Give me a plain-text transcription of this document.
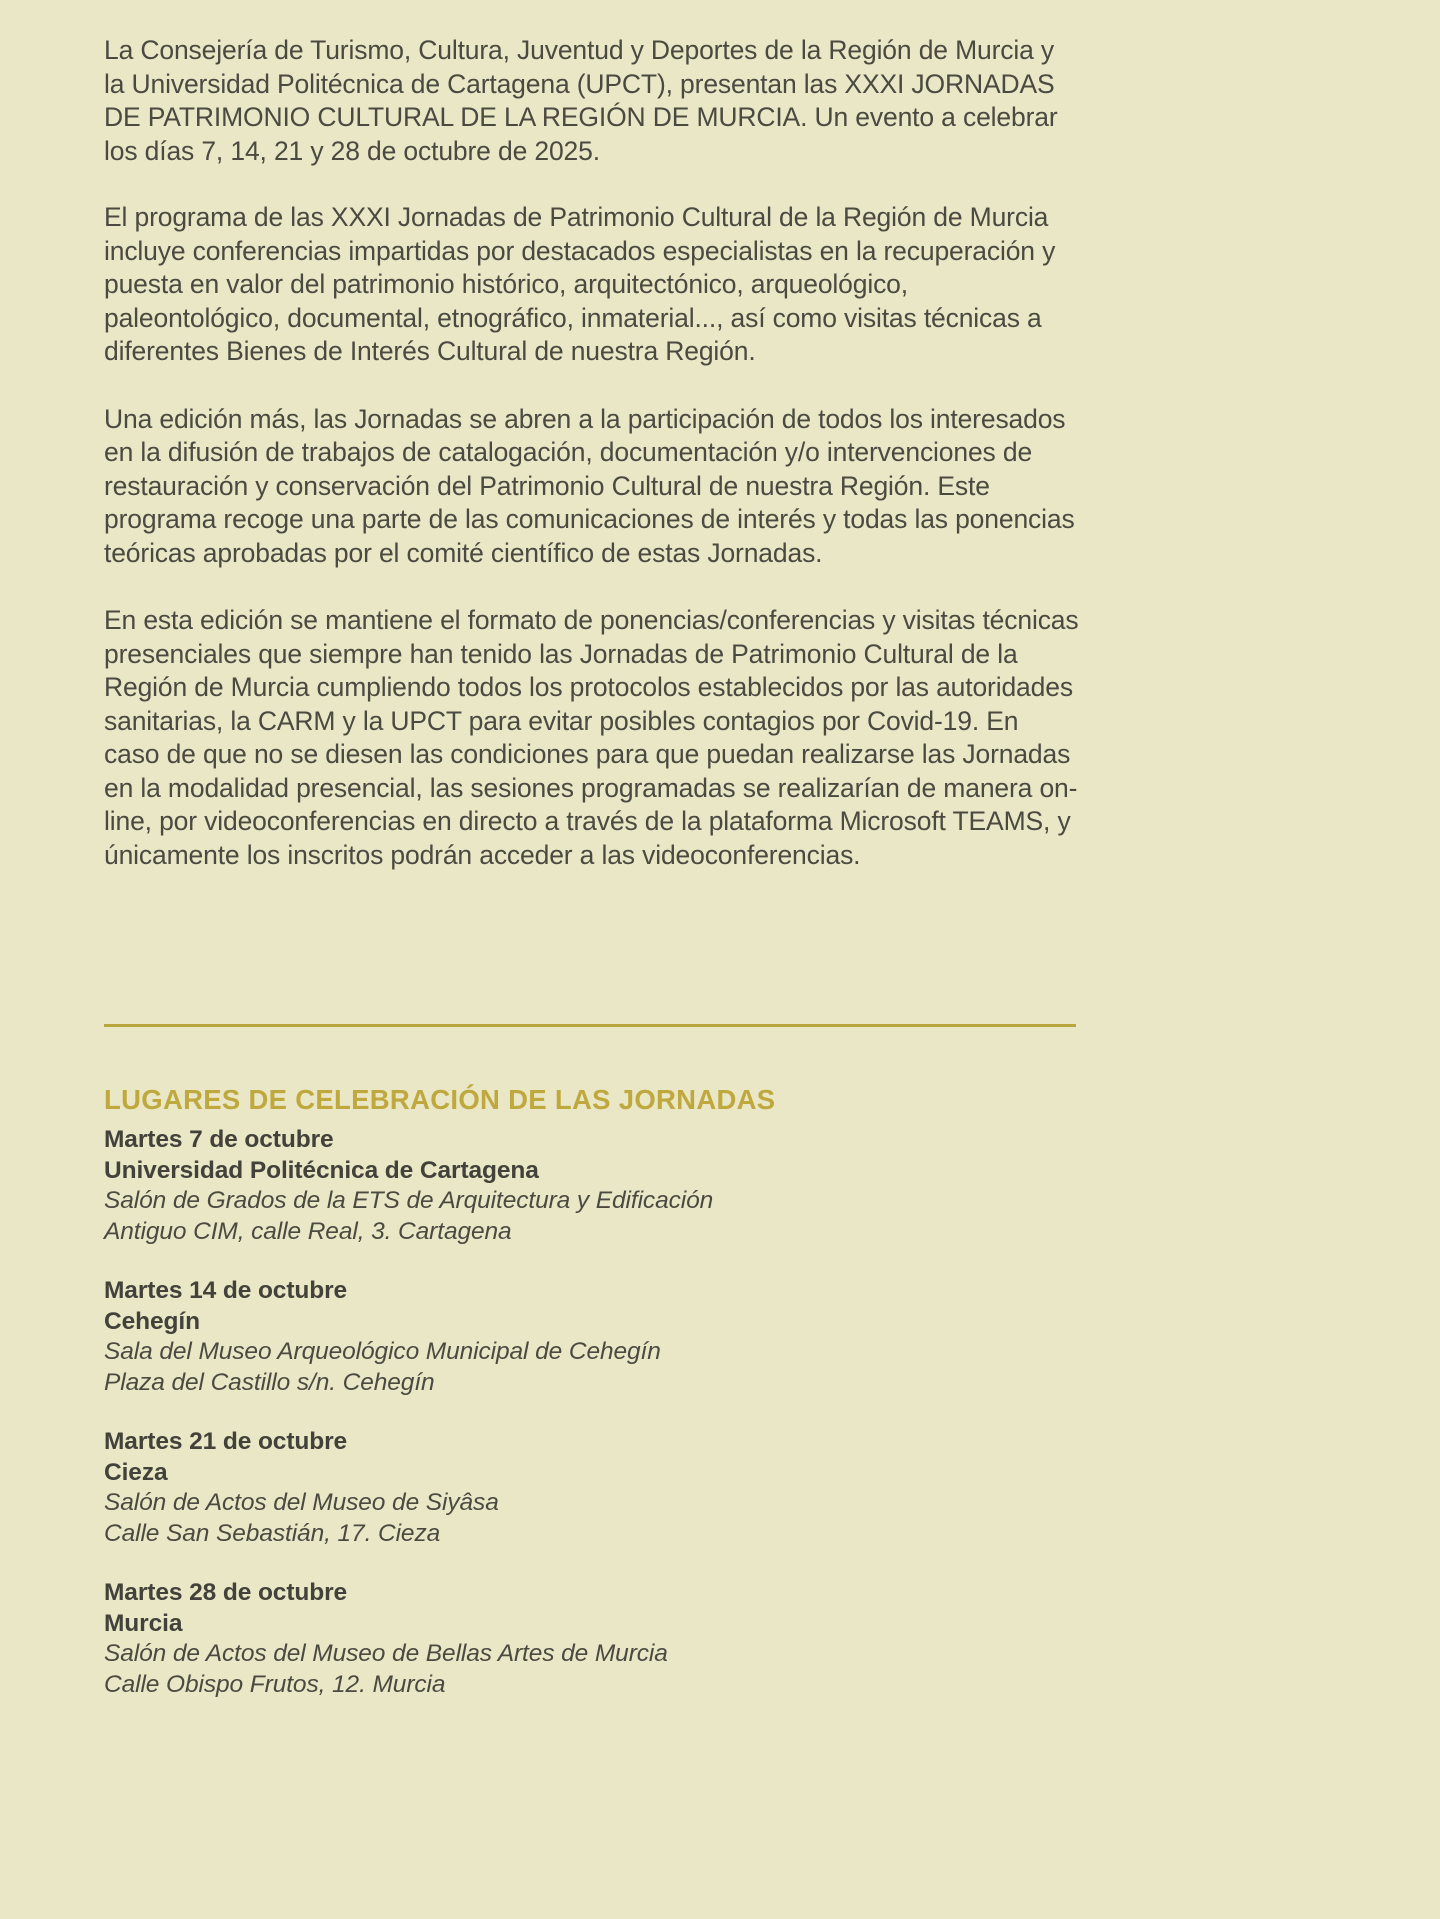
La Consejería de Turismo, Cultura, Juventud y Deportes de la Región de Murcia y la Universidad Politécnica de Cartagena (UPCT), presentan las XXXI JORNADAS DE PATRIMONIO CULTURAL DE LA REGIÓN DE MURCIA. Un evento a celebrar los días 7, 14, 21 y 28 de octubre de 2025.

El programa de las XXXI Jornadas de Patrimonio Cultural de la Región de Murcia incluye conferencias impartidas por destacados especialistas en la recuperación y puesta en valor del patrimonio histórico, arquitectónico, arqueológico, paleontológico, documental, etnográfico, inmaterial..., así como visitas técnicas a diferentes Bienes de Interés Cultural de nuestra Región.

Una edición más, las Jornadas se abren a la participación de todos los interesados en la difusión de trabajos de catalogación, documentación y/o intervenciones de restauración y conservación del Patrimonio Cultural de nuestra Región. Este programa recoge una parte de las comunicaciones de interés y todas las ponencias teóricas aprobadas por el comité científico de estas Jornadas.

En esta edición se mantiene el formato de ponencias/conferencias y visitas técnicas presenciales que siempre han tenido las Jornadas de Patrimonio Cultural de la Región de Murcia cumpliendo todos los protocolos establecidos por las autoridades sanitarias, la CARM y la UPCT para evitar posibles contagios por Covid-19. En caso de que no se diesen las condiciones para que puedan realizarse las Jornadas en la modalidad presencial, las sesiones programadas se realizarían de manera on-line, por videoconferencias en directo a través de la plataforma Microsoft TEAMS, y únicamente los inscritos podrán acceder a las videoconferencias.

LUGARES DE CELEBRACIÓN DE LAS JORNADAS
Martes 7 de octubre
Universidad Politécnica de Cartagena
Salón de Grados de la ETS de Arquitectura y Edificación
Antiguo CIM, calle Real, 3. Cartagena
Martes 14 de octubre
Cehegín
Sala del Museo Arqueológico Municipal de Cehegín
Plaza del Castillo s/n. Cehegín
Martes 21 de octubre
Cieza
Salón de Actos del Museo de Siyâsa
Calle San Sebastián, 17. Cieza
Martes 28 de octubre
Murcia
Salón de Actos del Museo de Bellas Artes de Murcia
Calle Obispo Frutos, 12. Murcia
